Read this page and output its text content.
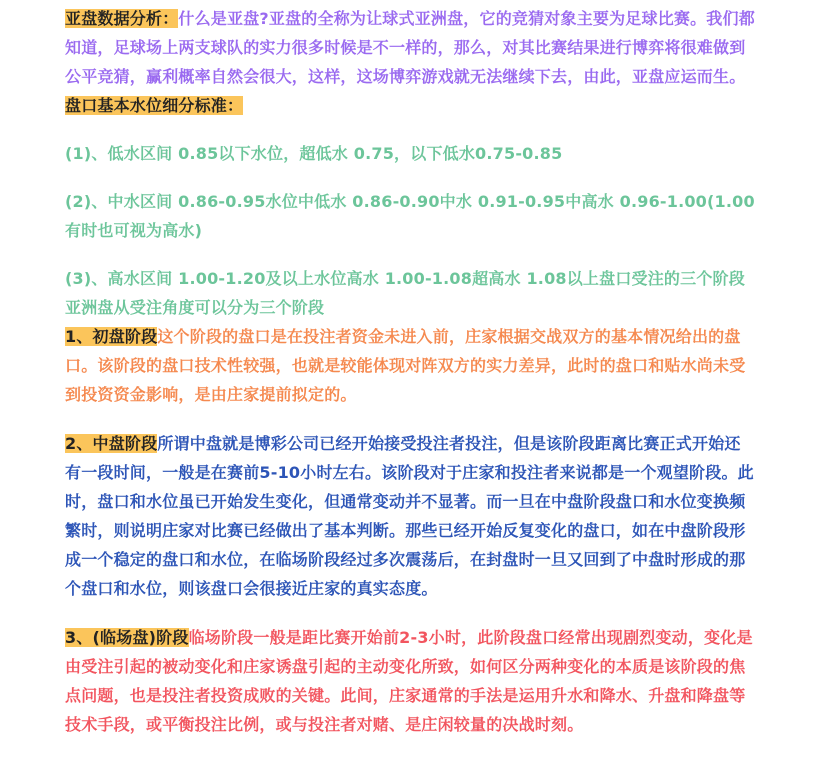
亚盘数据分析：什么是亚盘?亚盘的全称为让球式亚洲盘，它的竞猜对象主要为足球比赛。我们都知道，足球场上两支球队的实力很多时候是不一样的，那么，对其比赛结果进行博弈将很难做到公平竞猜，赢利概率自然会很大，这样，这场博弈游戏就无法继续下去，由此，亚盘应运而生。

盘口基本水位细分标准：

(1)、低水区间 0.85以下水位，超低水 0.75，以下低水0.75-0.85

(2)、中水区间 0.86-0.95水位中低水 0.86-0.90中水 0.91-0.95中高水 0.96-1.00(1.00有时也可视为高水)

(3)、高水区间 1.00-1.20及以上水位高水 1.00-1.08超高水 1.08以上盘口受注的三个阶段亚洲盘从受注角度可以分为三个阶段

1、初盘阶段这个阶段的盘口是在投注者资金未进入前，庄家根据交战双方的基本情况给出的盘口。该阶段的盘口技术性较强，也就是较能体现对阵双方的实力差异，此时的盘口和贴水尚未受到投资资金影响，是由庄家提前拟定的。

2、中盘阶段所谓中盘就是博彩公司已经开始接受投注者投注，但是该阶段距离比赛正式开始还有一段时间，一般是在赛前5-10小时左右。该阶段对于庄家和投注者来说都是一个观望阶段。此时，盘口和水位虽已开始发生变化，但通常变动并不显著。而一旦在中盘阶段盘口和水位变换频繁时，则说明庄家对比赛已经做出了基本判断。那些已经开始反复变化的盘口，如在中盘阶段形成一个稳定的盘口和水位，在临场阶段经过多次震荡后，在封盘时一旦又回到了中盘时形成的那个盘口和水位，则该盘口会很接近庄家的真实态度。

3、(临场盘)阶段临场阶段一般是距比赛开始前2-3小时，此阶段盘口经常出现剧烈变动，变化是由受注引起的被动变化和庄家诱盘引起的主动变化所致，如何区分两种变化的本质是该阶段的焦点问题，也是投注者投资成败的关键。此间，庄家通常的手法是运用升水和降水、升盘和降盘等技术手段，或平衡投注比例，或与投注者对赌、是庄闲较量的决战时刻。
